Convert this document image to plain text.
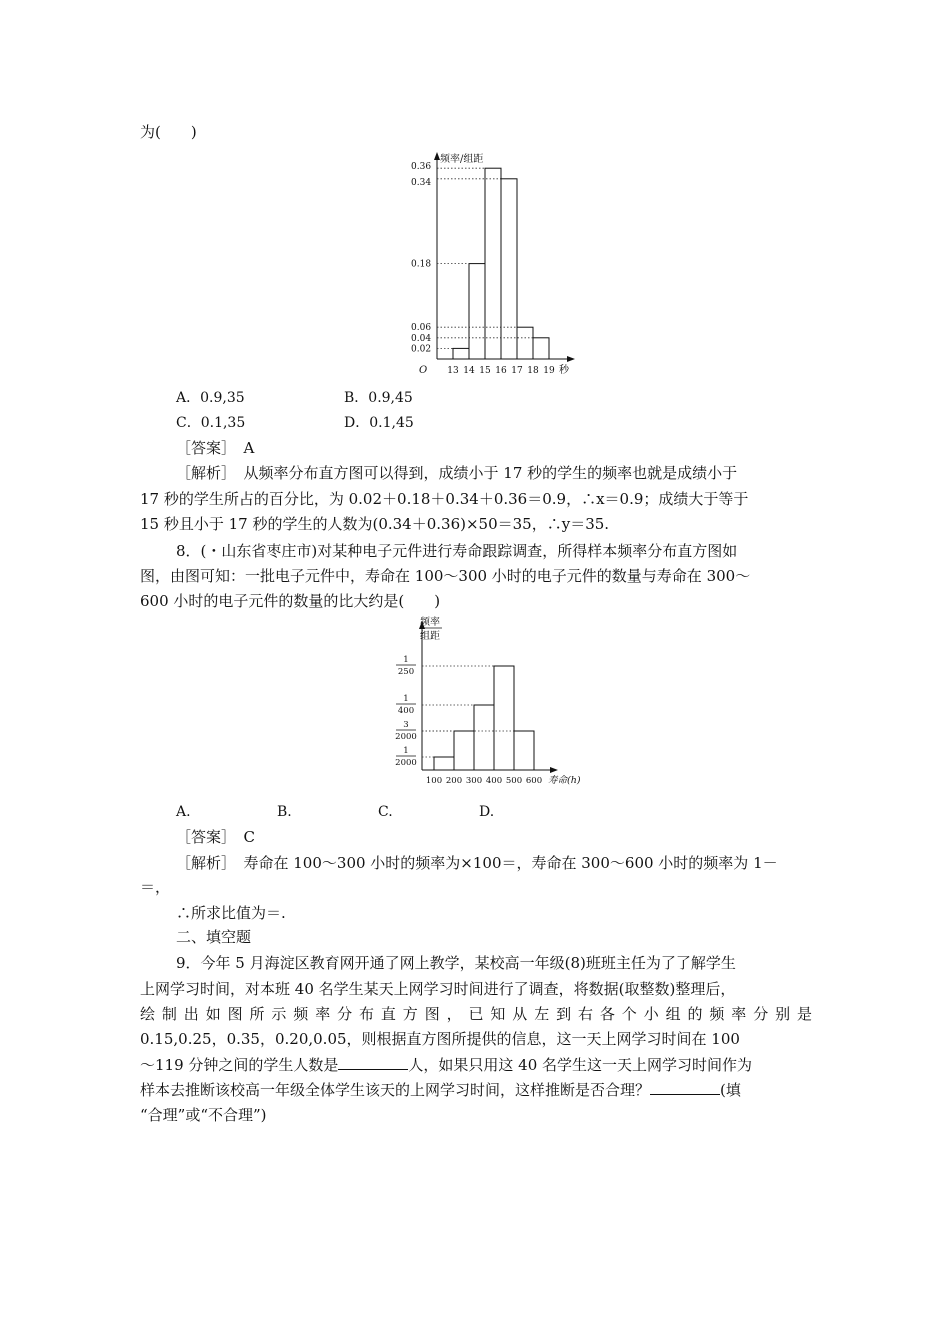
为(　　)
频率/组距
O
0.02
0.04
0.06
0.18
0.34
0.36
13 14 15 16 17 18 19 秒
A．0.9,35	B．0.9,45
C．0.1,35	D．0.1,45
［答案］　A
［解析］　从频率分布直方图可以得到，成绩小于 17 秒的学生的频率也就是成绩小于
17 秒的学生所占的百分比，为 0.02＋0.18＋0.34＋0.36＝0.9，∴x＝0.9；成绩大于等于
15 秒且小于 17 秒的学生的人数为(0.34＋0.36)×50＝35，∴y＝35.
8．(・山东省枣庄市)对某种电子元件进行寿命跟踪调查，所得样本频率分布直方图如
图，由图可知：一批电子元件中，寿命在 100～300 小时的电子元件的数量与寿命在 300～
600 小时的电子元件的数量的比大约是(　　)
频率
组距
1
2000
3
2000
1
400
1
250
100 200 300 400 500 600 寿命(h)
A.	B.	C.	D.
［答案］　C
［解析］　寿命在 100～300 小时的频率为×100＝，寿命在 300～600 小时的频率为 1－
＝，
∴所求比值为＝.
二、填空题
9．今年 5 月海淀区教育网开通了网上教学，某校高一年级(8)班班主任为了了解学生
上网学习时间，对本班 40 名学生某天上网学习时间进行了调查，将数据(取整数)整理后，
绘制出如图所示频率分布直方图，已知从左到右各个小组的频率分别是
0.15,0.25，0.35，0.20,0.05，则根据直方图所提供的信息，这一天上网学习时间在 100
～119 分钟之间的学生人数是	人，如果只用这 40 名学生这一天上网学习时间作为
样本去推断该校高一年级全体学生该天的上网学习时间，这样推断是否合理？	(填
“合理”或“不合理”)
